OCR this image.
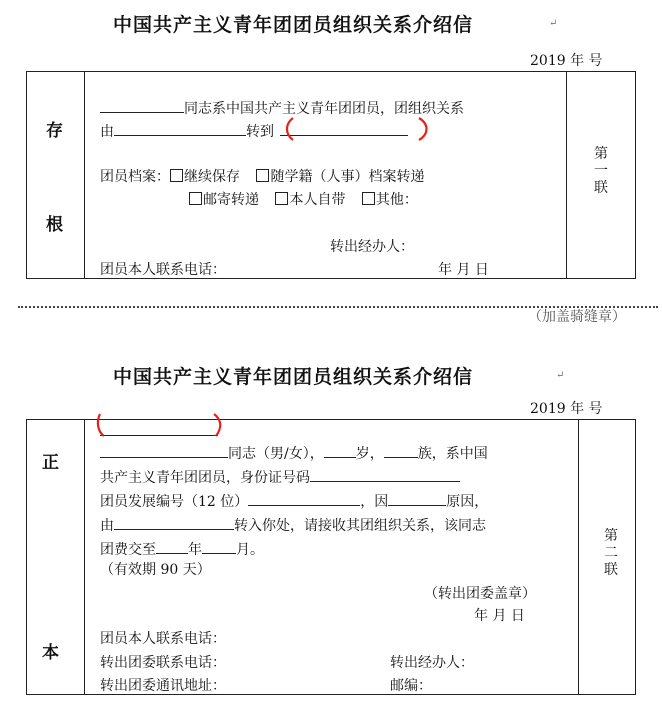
中国共产主义青年团团员组织关系介绍信	↵
2019 年 号
存
根
第一联
同志系中国共产主义青年团团员，团组织关系
由	转到
团员档案： 继续保存 随学籍（人事）档案转递
邮寄转递 本人自带 其他：
转出经办人：
团员本人联系电话：	年 月 日
（加盖骑缝章）
中国共产主义青年团团员组织关系介绍信	↵
2019 年 号
正
本
第二联
同志（男/女）， 岁， 族，系中国
共产主义青年团团员，身份证号码
团员发展编号（12 位）	，因	原因，
由	转入你处，请接收其团组织关系，该同志
团费交至 年 月。
（有效期 90 天）
（转出团委盖章）
年 月 日
团员本人联系电话：
转出团委联系电话：	转出经办人：
转出团委通讯地址：	邮编：
